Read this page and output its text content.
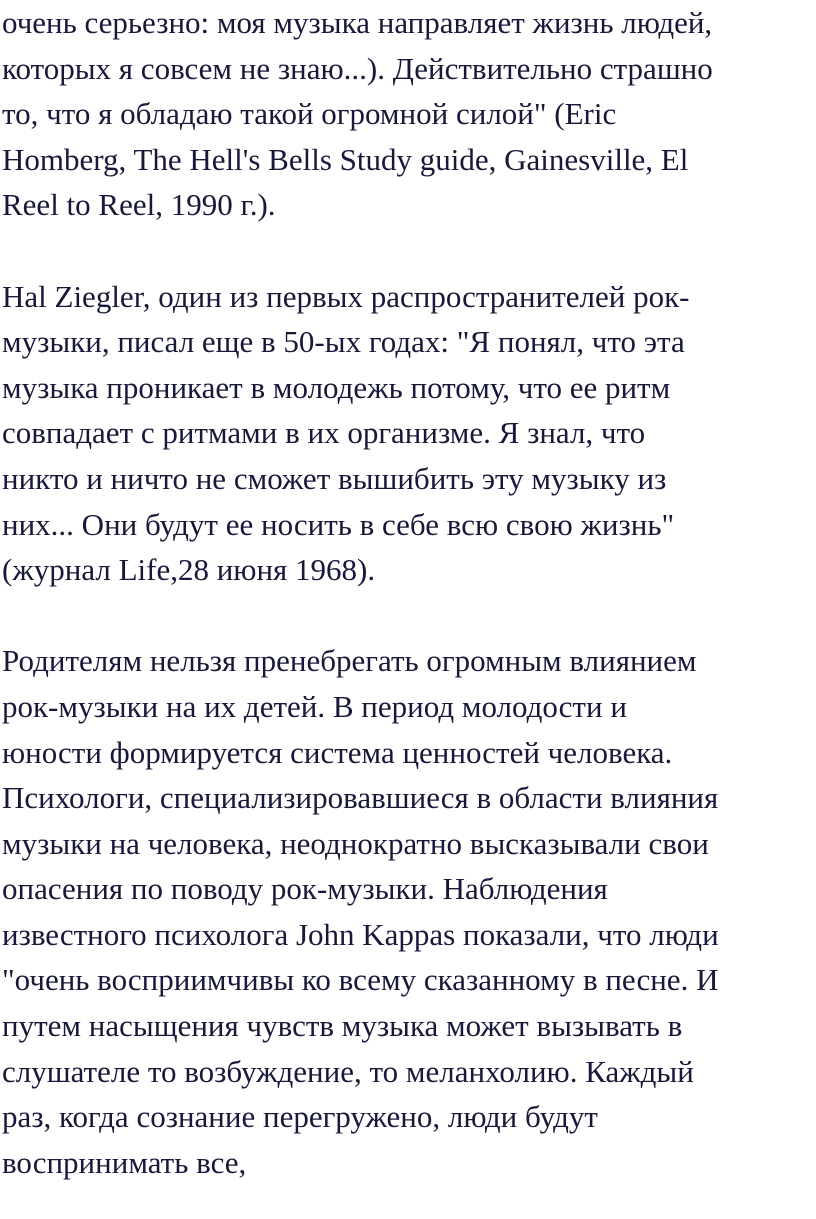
очень серьезно: моя музыка направляет жизнь людей,
которых я совсем не знаю...). Действительно страшно
то, что я обладаю такой огромной силой" (Eric
Homberg, The Hell's Bells Study guide, Gainesville, El
Reel to Reel, 1990 г.).
Hal Ziegler, один из первых распространителей рок-
музыки, писал еще в 50-ых годах: "Я понял, что эта
музыка проникает в молодежь потому, что ее ритм
совпадает с ритмами в их организме. Я знал, что
никто и ничто не сможет вышибить эту музыку из
них... Они будут ее носить в себе всю свою жизнь"
(журнал Life,28 июня 1968).
Родителям нельзя пренебрегать огромным влиянием
рок-музыки на их детей. В период молодости и
юности формируется система ценностей человека.
Психологи, специализировавшиеся в области влияния
музыки на человека, неоднократно высказывали свои
опасения по поводу рок-музыки. Наблюдения
известного психолога John Kappas показали, что люди
"очень восприимчивы ко всему сказанному в песне. И
путем насыщения чувств музыка может вызывать в
слушателе то возбуждение, то меланхолию. Каждый
раз, когда сознание перегружено, люди будут
воспринимать все,
